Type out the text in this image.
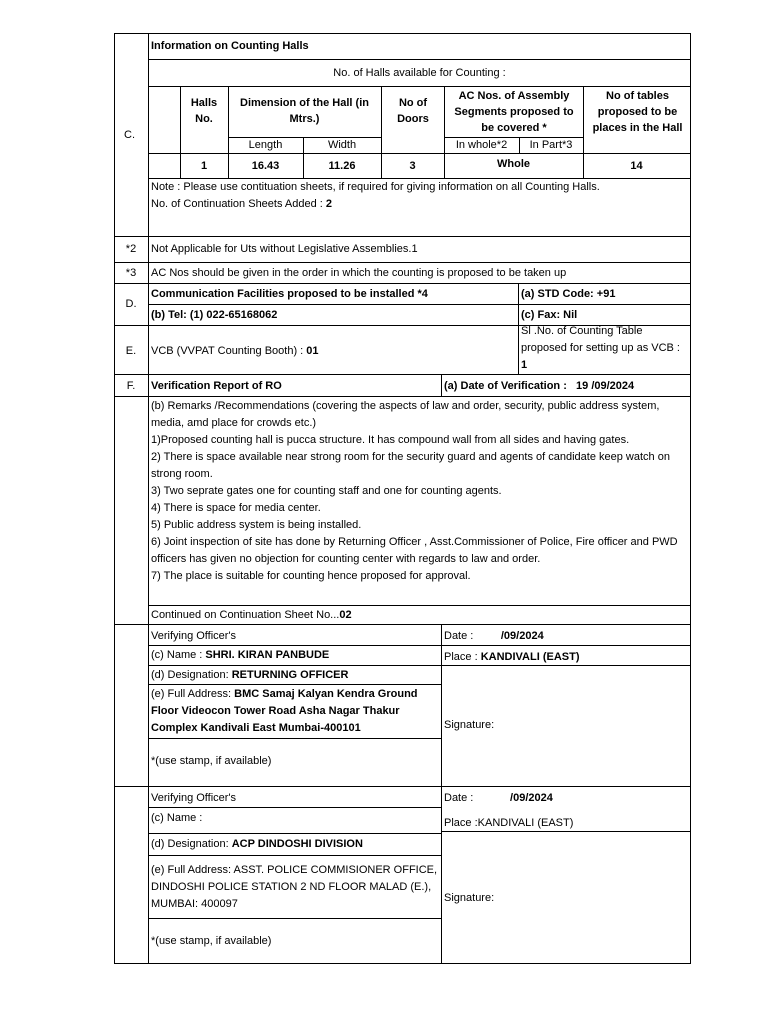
C.
Information on Counting Halls
No. of Halls available for Counting :
Halls No.
Dimension of the Hall (in Mtrs.)
No of Doors
AC Nos. of Assembly Segments proposed to be covered *
No of tables proposed to be places in the Hall
Length	Width	In whole*2	In Part*3
1	16.43	11.26	3	Whole	14
Note : Please use contituation sheets, if required for giving information on all Counting Halls.
No. of Continuation Sheets Added : 2
*2	Not Applicable for Uts without Legislative Assemblies.1
*3	AC Nos should be given in the order in which the counting is proposed to be taken up
D.
Communication Facilities proposed to be installed *4	(a) STD Code: +91
(b) Tel: (1) 022-65168062	(c) Fax: Nil
E.	VCB (VVPAT Counting Booth) : 01
Sl .No. of Counting Table proposed for setting up as VCB : 1
F.	Verification Report of RO	(a) Date of Verification : 19 /09/2024
(b) Remarks /Recommendations (covering the aspects of law and order, security, public address system, media, amd place for crowds etc.)
1)Proposed counting hall is pucca structure. It has compound wall from all sides and having gates.
2) There is space available near strong room for the security guard and agents of candidate keep watch on strong room.
3) Two seprate gates one for counting staff and one for counting agents.
4) There is space for media center.
5) Public address system is being installed.
6) Joint inspection of site has done by Returning Officer , Asst.Commissioner of Police, Fire officer and PWD officers has given no objection for counting center with regards to law and order.
7) The place is suitable for counting hence proposed for approval.
Continued on Continuation Sheet No...02
Verifying Officer's	Date :	/09/2024
(c) Name : SHRI. KIRAN PANBUDE	Place : KANDIVALI (EAST)
(d) Designation: RETURNING OFFICER
(e) Full Address: BMC Samaj Kalyan Kendra Ground Floor Videocon Tower Road Asha Nagar Thakur Complex Kandivali East Mumbai-400101	Signature:
*(use stamp, if available)
Verifying Officer's	Date :	/09/2024
(c) Name :	Place :KANDIVALI (EAST)
(d) Designation: ACP DINDOSHI DIVISION
(e) Full Address: ASST. POLICE COMMISIONER OFFICE, DINDOSHI POLICE STATION 2 ND FLOOR MALAD (E.), MUMBAI: 400097	Signature:
*(use stamp, if available)
